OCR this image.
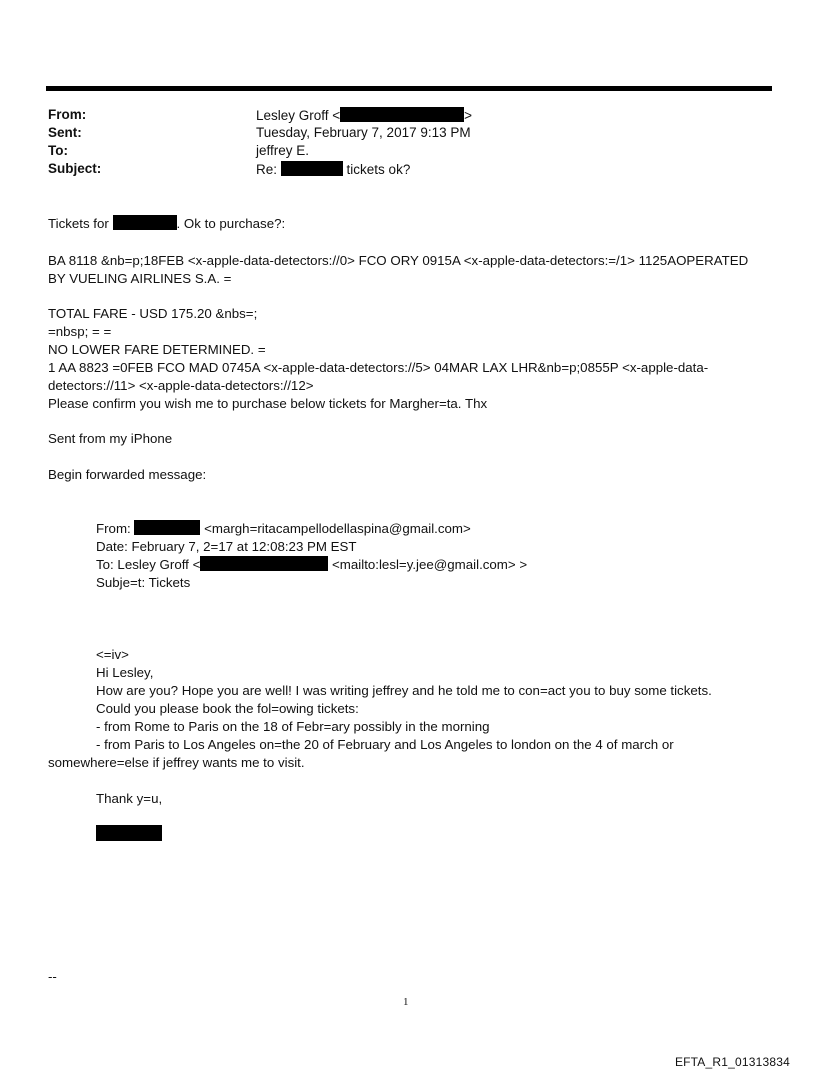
From:	Lesley Groff <	>
Sent:	Tuesday, February 7, 2017 9:13 PM
To:	jeffrey E.
Subject:	Re:	tickets ok?
Tickets for	. Ok to purchase?:
BA 8118 &nb=p;18FEB <x-apple-data-detectors://0> FCO ORY 0915A <x-apple-data-detectors:=/1> 1125AOPERATED
BY VUELING AIRLINES S.A. =
TOTAL FARE - USD 175.20 &nbs=;
=nbsp; = =
NO LOWER FARE DETERMINED. =
1 AA 8823 =0FEB FCO MAD 0745A <x-apple-data-detectors://5> 04MAR LAX LHR&nb=p;0855P <x-apple-data-
detectors://11> <x-apple-data-detectors://12>
Please confirm you wish me to purchase below tickets for Margher=ta. Thx
Sent from my iPhone
Begin forwarded message:
From:	<margh=ritacampellodellaspina@gmail.com>
Date: February 7, 2=17 at 12:08:23 PM EST
To: Lesley Groff <	<mailto:lesl=y.jee@gmail.com> >
Subje=t: Tickets
<=iv>
Hi Lesley,
How are you? Hope you are well! I was writing jeffrey and he told me to con=act you to buy some tickets.
Could you please book the fol=owing tickets:
- from Rome to Paris on the 18 of Febr=ary possibly in the morning
- from Paris to Los Angeles on=the 20 of February and Los Angeles to london on the 4 of march or
somewhere=else if jeffrey wants me to visit.
Thank y=u,
--
1
EFTA_R1_01313834
